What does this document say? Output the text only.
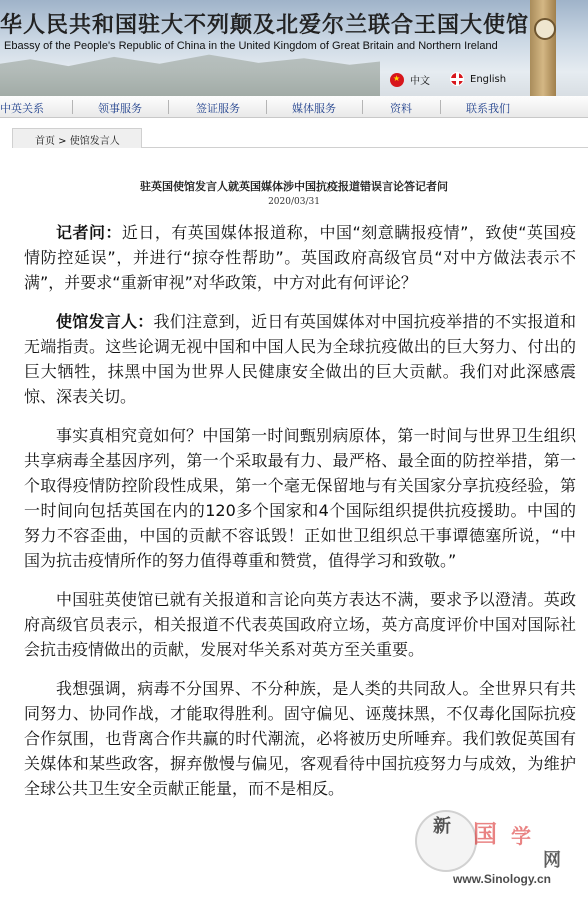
华人民共和国驻大不列颠及北爱尔兰联合王国大使馆
Ebassy of the People's Republic of China in the United Kingdom of Great Britain and Northern Ireland
★
中文	English
中英关系	领事服务	签证服务	媒体服务	资料	联系我们
首页 > 使馆发言人
驻英国使馆发言人就英国媒体涉中国抗疫报道错误言论答记者问
2020/03/31

记者问：近日，有英国媒体报道称，中国“刻意瞒报疫情”，致使“英国疫情防控延误”，并进行“掠夺性帮助”。英国政府高级官员“对中方做法表示不满”，并要求“重新审视”对华政策，中方对此有何评论？

使馆发言人：我们注意到，近日有英国媒体对中国抗疫举措的不实报道和无端指责。这些论调无视中国和中国人民为全球抗疫做出的巨大努力、付出的巨大牺牲，抹黑中国为世界人民健康安全做出的巨大贡献。我们对此深感震惊、深表关切。

事实真相究竟如何？中国第一时间甄别病原体，第一时间与世界卫生组织共享病毒全基因序列，第一个采取最有力、最严格、最全面的防控举措，第一个取得疫情防控阶段性成果，第一个毫无保留地与有关国家分享抗疫经验，第一时间向包括英国在内的120多个国家和4个国际组织提供抗疫援助。中国的努力不容歪曲，中国的贡献不容诋毁！正如世卫组织总干事谭德塞所说，“中国为抗击疫情所作的努力值得尊重和赞赏，值得学习和致敬。”

中国驻英使馆已就有关报道和言论向英方表达不满，要求予以澄清。英政府高级官员表示，相关报道不代表英国政府立场，英方高度评价中国对国际社会抗击疫情做出的贡献，发展对华关系对英方至关重要。

我想强调，病毒不分国界、不分种族，是人类的共同敌人。全世界只有共同努力、协同作战，才能取得胜利。固守偏见、诬蔑抹黑，不仅毒化国际抗疫合作氛围，也背离合作共赢的时代潮流，必将被历史所唾弃。我们敦促英国有关媒体和某些政客，摒弃傲慢与偏见，客观看待中国抗疫努力与成效，为维护全球公共卫生安全贡献正能量，而不是相反。

新 国 学
网
www.Sinology.cn
